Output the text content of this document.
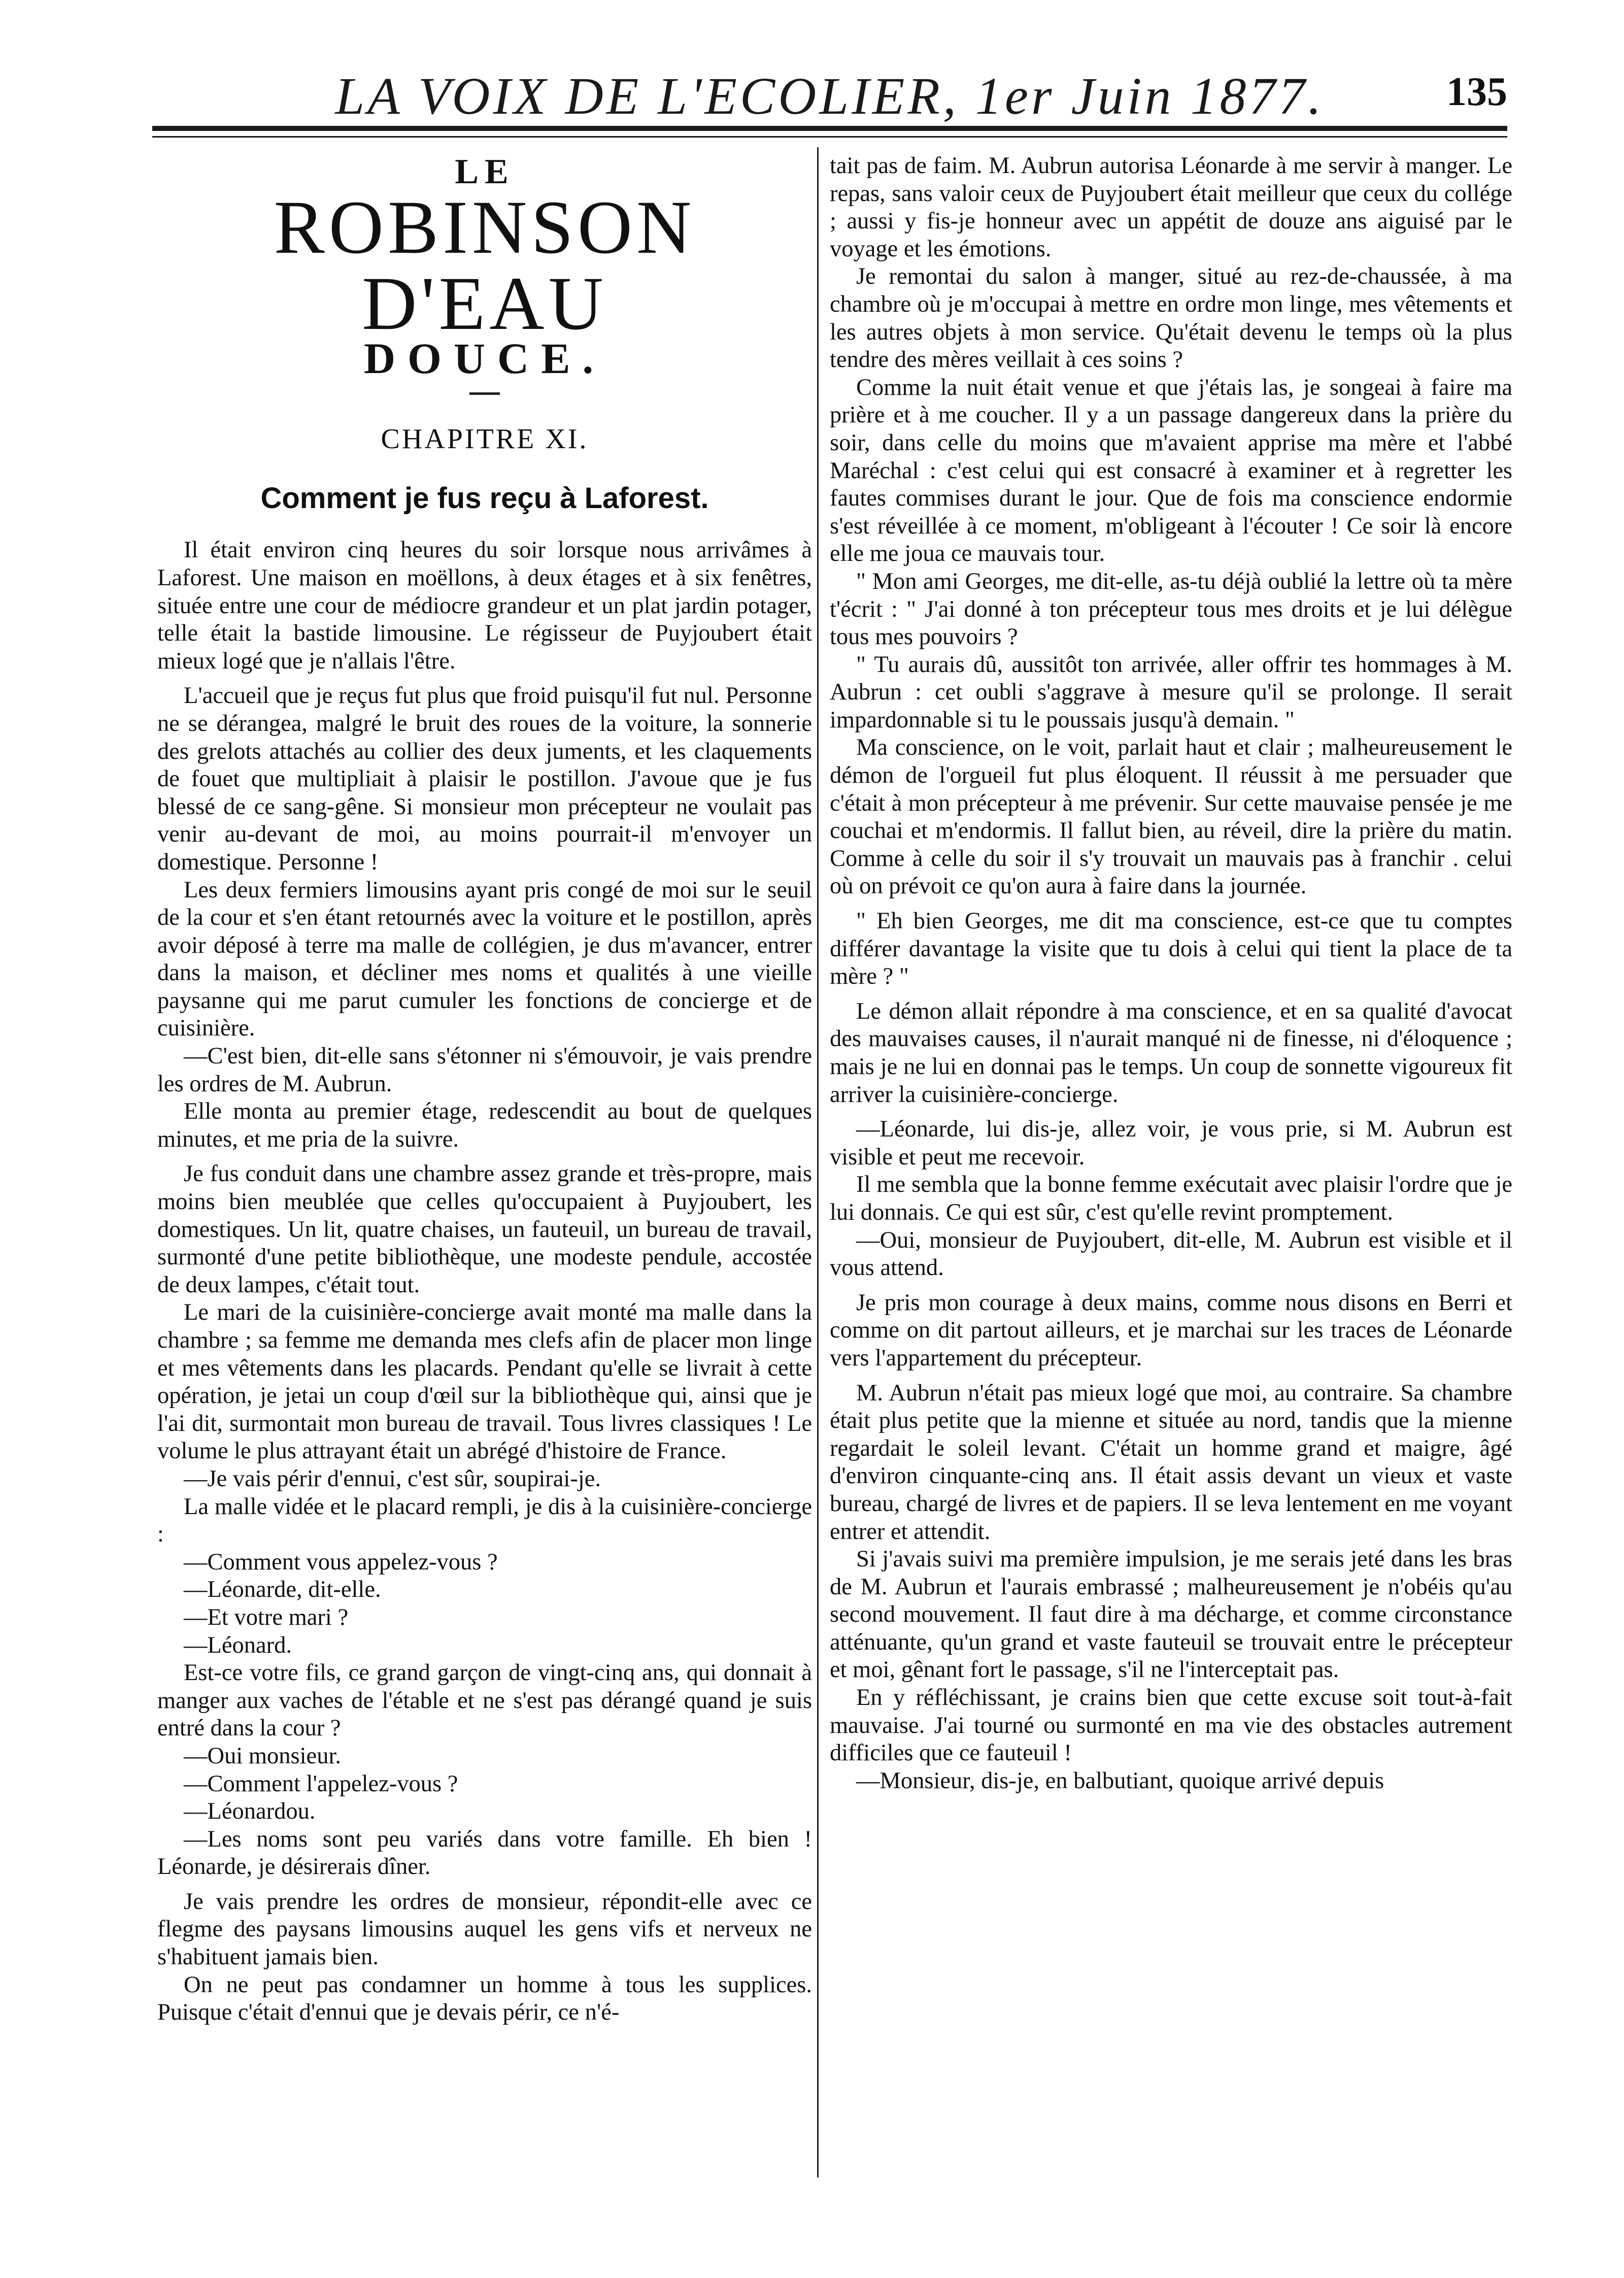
LA VOIX DE L'ECOLIER, 1er Juin 1877.	135
LE
ROBINSON D'EAU
DOUCE.
CHAPITRE XI.
Comment je fus reçu à Laforest.

Il était environ cinq heures du soir lorsque nous arrivâmes à Laforest. Une maison en moëllons, à deux étages et à six fenêtres, située entre une cour de médiocre grandeur et un plat jardin potager, telle était la bastide limousine. Le régisseur de Puyjoubert était mieux logé que je n'allais l'être.

L'accueil que je reçus fut plus que froid puisqu'il fut nul. Personne ne se dérangea, malgré le bruit des roues de la voiture, la sonnerie des grelots attachés au collier des deux juments, et les claquements de fouet que multipliait à plaisir le postillon. J'avoue que je fus blessé de ce sang-gêne. Si monsieur mon précepteur ne voulait pas venir au-devant de moi, au moins pourrait-il m'envoyer un domestique. Personne !

Les deux fermiers limousins ayant pris congé de moi sur le seuil de la cour et s'en étant retournés avec la voiture et le postillon, après avoir déposé à terre ma malle de collégien, je dus m'avancer, entrer dans la maison, et décliner mes noms et qualités à une vieille paysanne qui me parut cumuler les fonctions de concierge et de cuisinière.

—C'est bien, dit-elle sans s'étonner ni s'émouvoir, je vais prendre les ordres de M. Aubrun.

Elle monta au premier étage, redescendit au bout de quelques minutes, et me pria de la suivre.

Je fus conduit dans une chambre assez grande et très-propre, mais moins bien meublée que celles qu'occupaient à Puyjoubert, les domestiques. Un lit, quatre chaises, un fauteuil, un bureau de travail, surmonté d'une petite bibliothèque, une modeste pendule, accostée de deux lampes, c'était tout.

Le mari de la cuisinière-concierge avait monté ma malle dans la chambre ; sa femme me demanda mes clefs afin de placer mon linge et mes vêtements dans les placards. Pendant qu'elle se livrait à cette opération, je jetai un coup d'œil sur la bibliothèque qui, ainsi que je l'ai dit, surmontait mon bureau de travail. Tous livres classiques ! Le volume le plus attrayant était un abrégé d'histoire de France.

—Je vais périr d'ennui, c'est sûr, soupirai-je.

La malle vidée et le placard rempli, je dis à la cuisinière-concierge :

—Comment vous appelez-vous ?

—Léonarde, dit-elle.

—Et votre mari ?

—Léonard.

Est-ce votre fils, ce grand garçon de vingt-cinq ans, qui donnait à manger aux vaches de l'étable et ne s'est pas dérangé quand je suis entré dans la cour ?

—Oui monsieur.

—Comment l'appelez-vous ?

—Léonardou.

—Les noms sont peu variés dans votre famille. Eh bien ! Léonarde, je désirerais dîner.

Je vais prendre les ordres de monsieur, répondit-elle avec ce flegme des paysans limousins auquel les gens vifs et nerveux ne s'habituent jamais bien.

On ne peut pas condamner un homme à tous les supplices. Puisque c'était d'ennui que je devais périr, ce n'é-

tait pas de faim. M. Aubrun autorisa Léonarde à me servir à manger. Le repas, sans valoir ceux de Puyjoubert était meilleur que ceux du collége ; aussi y fis-je honneur avec un appétit de douze ans aiguisé par le voyage et les émotions.

Je remontai du salon à manger, situé au rez-de-chaussée, à ma chambre où je m'occupai à mettre en ordre mon linge, mes vêtements et les autres objets à mon service. Qu'était devenu le temps où la plus tendre des mères veillait à ces soins ?

Comme la nuit était venue et que j'étais las, je songeai à faire ma prière et à me coucher. Il y a un passage dangereux dans la prière du soir, dans celle du moins que m'avaient apprise ma mère et l'abbé Maréchal : c'est celui qui est consacré à examiner et à regretter les fautes commises durant le jour. Que de fois ma conscience endormie s'est réveillée à ce moment, m'obligeant à l'écouter ! Ce soir là encore elle me joua ce mauvais tour.

" Mon ami Georges, me dit-elle, as-tu déjà oublié la lettre où ta mère t'écrit : " J'ai donné à ton précepteur tous mes droits et je lui délègue tous mes pouvoirs ?

" Tu aurais dû, aussitôt ton arrivée, aller offrir tes hommages à M. Aubrun : cet oubli s'aggrave à mesure qu'il se prolonge. Il serait impardonnable si tu le poussais jusqu'à demain. "

Ma conscience, on le voit, parlait haut et clair ; malheureusement le démon de l'orgueil fut plus éloquent. Il réussit à me persuader que c'était à mon précepteur à me prévenir. Sur cette mauvaise pensée je me couchai et m'endormis. Il fallut bien, au réveil, dire la prière du matin. Comme à celle du soir il s'y trouvait un mauvais pas à franchir . celui où on prévoit ce qu'on aura à faire dans la journée.

" Eh bien Georges, me dit ma conscience, est-ce que tu comptes différer davantage la visite que tu dois à celui qui tient la place de ta mère ? "

Le démon allait répondre à ma conscience, et en sa qualité d'avocat des mauvaises causes, il n'aurait manqué ni de finesse, ni d'éloquence ; mais je ne lui en donnai pas le temps. Un coup de sonnette vigoureux fit arriver la cuisinière-concierge.

—Léonarde, lui dis-je, allez voir, je vous prie, si M. Aubrun est visible et peut me recevoir.

Il me sembla que la bonne femme exécutait avec plaisir l'ordre que je lui donnais. Ce qui est sûr, c'est qu'elle revint promptement.

—Oui, monsieur de Puyjoubert, dit-elle, M. Aubrun est visible et il vous attend.

Je pris mon courage à deux mains, comme nous disons en Berri et comme on dit partout ailleurs, et je marchai sur les traces de Léonarde vers l'appartement du précepteur.

M. Aubrun n'était pas mieux logé que moi, au contraire. Sa chambre était plus petite que la mienne et située au nord, tandis que la mienne regardait le soleil levant. C'était un homme grand et maigre, âgé d'environ cinquante-cinq ans. Il était assis devant un vieux et vaste bureau, chargé de livres et de papiers. Il se leva lentement en me voyant entrer et attendit.

Si j'avais suivi ma première impulsion, je me serais jeté dans les bras de M. Aubrun et l'aurais embrassé ; malheureusement je n'obéis qu'au second mouvement. Il faut dire à ma décharge, et comme circonstance atténuante, qu'un grand et vaste fauteuil se trouvait entre le précepteur et moi, gênant fort le passage, s'il ne l'interceptait pas.

En y réfléchissant, je crains bien que cette excuse soit tout-à-fait mauvaise. J'ai tourné ou surmonté en ma vie des obstacles autrement difficiles que ce fauteuil !

—Monsieur, dis-je, en balbutiant, quoique arrivé depuis
